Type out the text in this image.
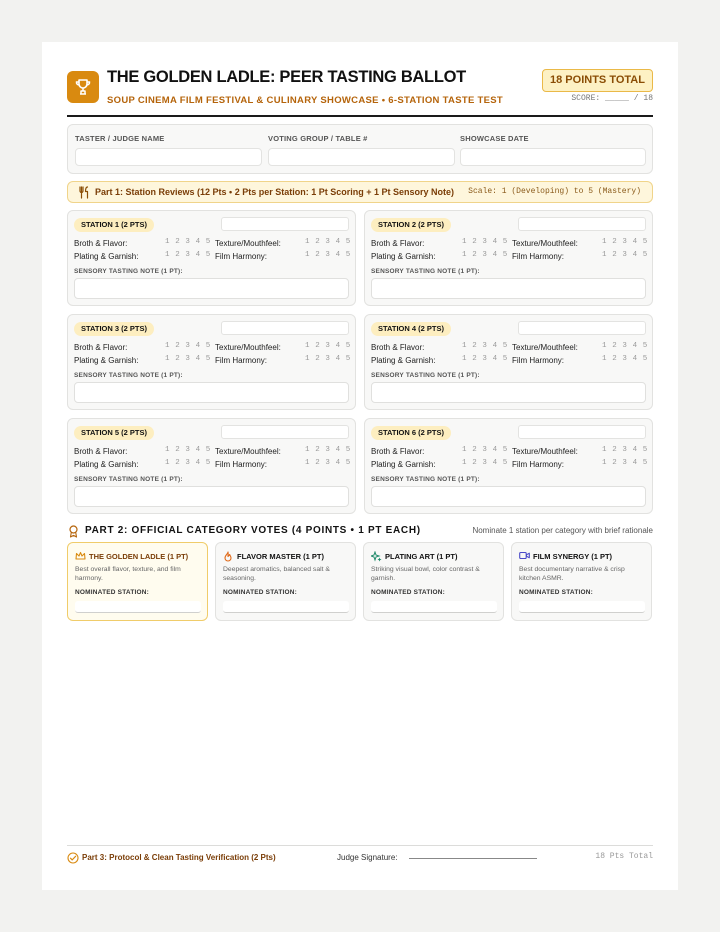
THE GOLDEN LADLE: PEER TASTING BALLOT
SOUP CINEMA FILM FESTIVAL & CULINARY SHOWCASE • 6-STATION TASTE TEST
18 POINTS TOTAL
SCORE: _____ / 18
TASTER / JUDGE NAME	VOTING GROUP / TABLE #	SHOWCASE DATE
Part 1: Station Reviews (12 Pts • 2 Pts per Station: 1 Pt Scoring + 1 Pt Sensory Note) Scale: 1 (Developing) to 5 (Mastery)
STATION 1 (2 PTS)
Broth & Flavor:	1 2 3 4 5 Texture/Mouthfeel:	1 2 3 4 5
Plating & Garnish:	1 2 3 4 5 Film Harmony:	1 2 3 4 5
SENSORY TASTING NOTE (1 PT):
STATION 2 (2 PTS)
Broth & Flavor:	1 2 3 4 5 Texture/Mouthfeel:	1 2 3 4 5
Plating & Garnish:	1 2 3 4 5 Film Harmony:	1 2 3 4 5
SENSORY TASTING NOTE (1 PT):
STATION 3 (2 PTS)
Broth & Flavor:	1 2 3 4 5 Texture/Mouthfeel:	1 2 3 4 5
Plating & Garnish:	1 2 3 4 5 Film Harmony:	1 2 3 4 5
SENSORY TASTING NOTE (1 PT):
STATION 4 (2 PTS)
Broth & Flavor:	1 2 3 4 5 Texture/Mouthfeel:	1 2 3 4 5
Plating & Garnish:	1 2 3 4 5 Film Harmony:	1 2 3 4 5
SENSORY TASTING NOTE (1 PT):
STATION 5 (2 PTS)
Broth & Flavor:	1 2 3 4 5 Texture/Mouthfeel:	1 2 3 4 5
Plating & Garnish:	1 2 3 4 5 Film Harmony:	1 2 3 4 5
SENSORY TASTING NOTE (1 PT):
STATION 6 (2 PTS)
Broth & Flavor:	1 2 3 4 5 Texture/Mouthfeel:	1 2 3 4 5
Plating & Garnish:	1 2 3 4 5 Film Harmony:	1 2 3 4 5
SENSORY TASTING NOTE (1 PT):
PART 2: OFFICIAL CATEGORY VOTES (4 POINTS • 1 PT EACH)	Nominate 1 station per category with brief rationale
THE GOLDEN LADLE (1 PT)
Best overall flavor, texture, and film harmony.
NOMINATED STATION:
FLAVOR MASTER (1 PT)
Deepest aromatics, balanced salt & seasoning.
NOMINATED STATION:
PLATING ART (1 PT)
Striking visual bowl, color contrast & garnish.
NOMINATED STATION:
FILM SYNERGY (1 PT)
Best documentary narrative & crisp kitchen ASMR.
NOMINATED STATION:
Part 3: Protocol & Clean Tasting Verification (2 Pts)	Judge Signature:	18 Pts Total
